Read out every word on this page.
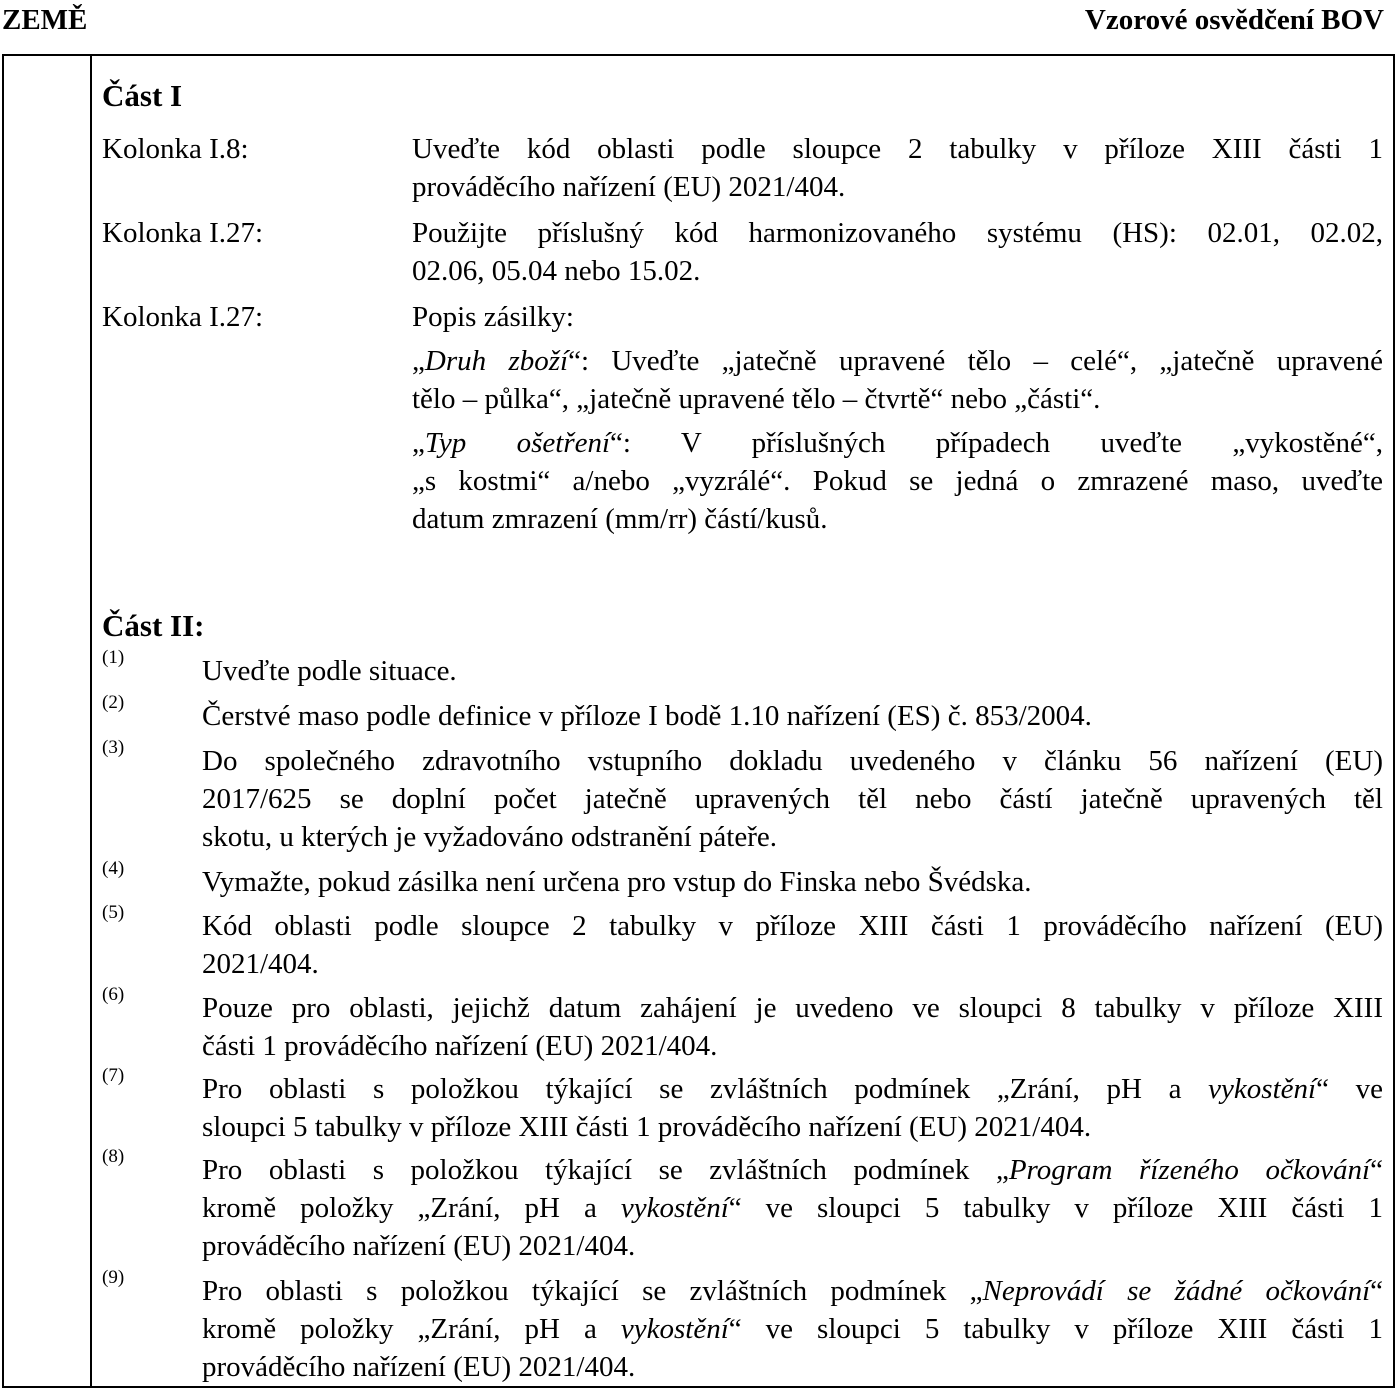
ZEMĚ	Vzorové osvědčení BOV
Část I
Kolonka I.8:	Uveďte kód oblasti podle sloupce 2 tabulky v příloze XIII části 1
prováděcího nařízení (EU) 2021/404.
Kolonka I.27:	Použijte příslušný kód harmonizovaného systému (HS): 02.01, 02.02,
02.06, 05.04 nebo 15.02.
Kolonka I.27:	Popis zásilky:
„Druh zboží“: Uveďte „jatečně upravené tělo – celé“, „jatečně upravené
tělo – půlka“, „jatečně upravené tělo – čtvrtě“ nebo „části“.
„Typ ošetření“: V příslušných případech uveďte „vykostěné“,
„s kostmi“ a/nebo „vyzrálé“. Pokud se jedná o zmrazené maso, uveďte
datum zmrazení (mm/rr) částí/kusů.
Část II:
(1)	Uveďte podle situace.
(2)	Čerstvé maso podle definice v příloze I bodě 1.10 nařízení (ES) č. 853/2004.
(3)	Do společného zdravotního vstupního dokladu uvedeného v článku 56 nařízení (EU)
2017/625 se doplní počet jatečně upravených těl nebo částí jatečně upravených těl
skotu, u kterých je vyžadováno odstranění páteře.
(4)	Vymažte, pokud zásilka není určena pro vstup do Finska nebo Švédska.
(5)	Kód oblasti podle sloupce 2 tabulky v příloze XIII části 1 prováděcího nařízení (EU)
2021/404.
(6)	Pouze pro oblasti, jejichž datum zahájení je uvedeno ve sloupci 8 tabulky v příloze XIII
části 1 prováděcího nařízení (EU) 2021/404.
(7)	Pro oblasti s položkou týkající se zvláštních podmínek „Zrání, pH a vykostění“ ve
sloupci 5 tabulky v příloze XIII části 1 prováděcího nařízení (EU) 2021/404.
(8)	Pro oblasti s položkou týkající se zvláštních podmínek „Program řízeného očkování“
kromě položky „Zrání, pH a vykostění“ ve sloupci 5 tabulky v příloze XIII části 1
prováděcího nařízení (EU) 2021/404.
(9)	Pro oblasti s položkou týkající se zvláštních podmínek „Neprovádí se žádné očkování“
kromě položky „Zrání, pH a vykostění“ ve sloupci 5 tabulky v příloze XIII části 1
prováděcího nařízení (EU) 2021/404.
